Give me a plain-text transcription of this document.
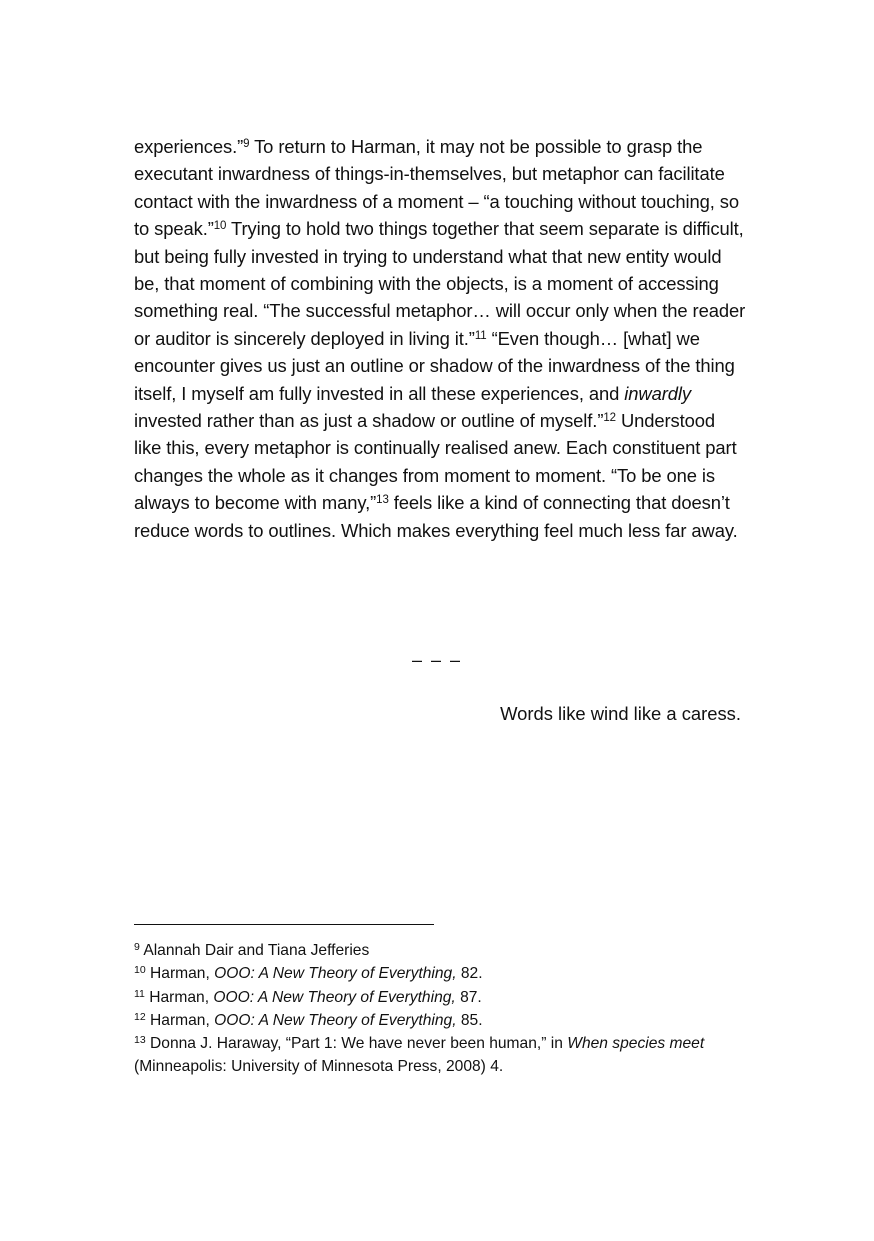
experiences.”$^9$ To return to Harman, it may not be possible to grasp the executant inwardness of things-in-themselves, but metaphor can facilitate contact with the inwardness of a moment – “a touching without touching, so to speak.”$^{10}$ Trying to hold two things together that seem separate is difficult, but being fully invested in trying to understand what that new entity would be, that moment of combining with the objects, is a moment of accessing something real. “The successful metaphor… will occur only when the reader or auditor is sincerely deployed in living it.”$^{11}$ “Even though… [what] we encounter gives us just an outline or shadow of the inwardness of the thing itself, I myself am fully invested in all these experiences, and inwardly invested rather than as just a shadow or outline of myself.”$^{12}$ Understood like this, every metaphor is continually realised anew. Each constituent part changes the whole as it changes from moment to moment. “To be one is always to become with many,”$^{13}$ feels like a kind of connecting that doesn’t reduce words to outlines. Which makes everything feel much less far away.

– – –
Words like wind like a caress.
$^9$ Alannah Dair and Tiana Jefferies
$^{10}$ Harman, OOO: A New Theory of Everything, 82.
$^{11}$ Harman, OOO: A New Theory of Everything, 87.
$^{12}$ Harman, OOO: A New Theory of Everything, 85.
$^{13}$ Donna J. Haraway, “Part 1: We have never been human,” in When species meet (Minneapolis: University of Minnesota Press, 2008) 4.
